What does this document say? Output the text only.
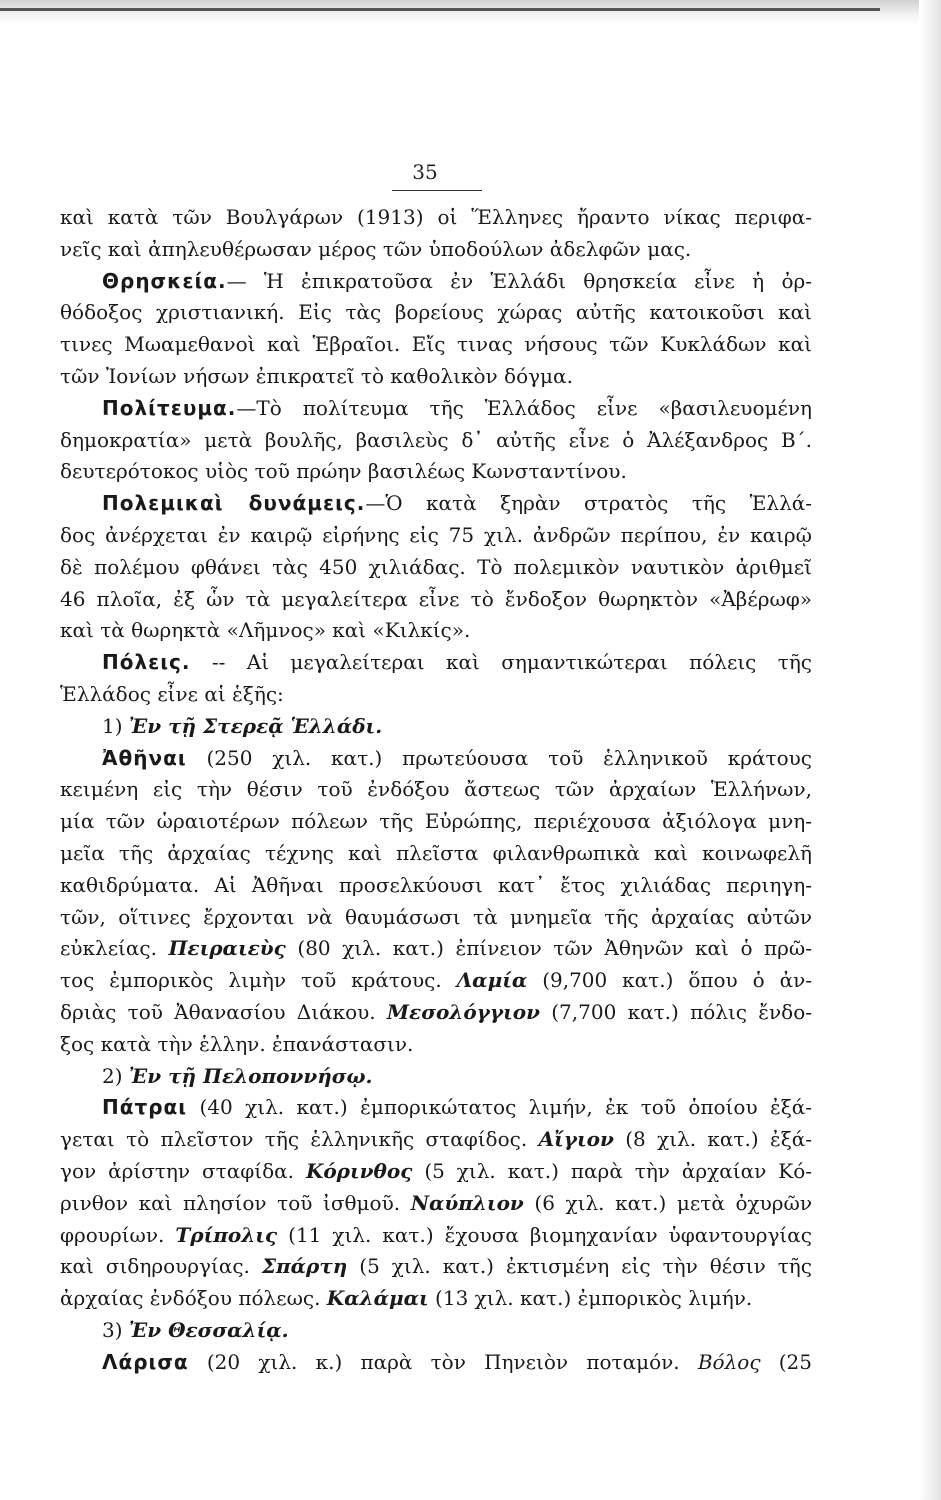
35
καὶ κατὰ τῶν Βουλγάρων (1913) οἱ Ἕλληνες ἤραντο νίκας περιφα-
νεῖς καὶ ἀπηλευθέρωσαν μέρος τῶν ὑποδούλων ἀδελφῶν μας.
Θρησκεία.— Ἡ ἐπικρατοῦσα ἐν Ἑλλάδι θρησκεία εἶνε ἡ ὀρ-
θόδοξος χριστιανική. Εἰς τὰς βορείους χώρας αὐτῆς κατοικοῦσι καὶ
τινες Μωαμεθανοὶ καὶ Ἑβραῖοι. Εἴς τινας νήσους τῶν Κυκλάδων καὶ
τῶν Ἰονίων νήσων ἐπικρατεῖ τὸ καθολικὸν δόγμα.
Πολίτευμα.—Τὸ πολίτευμα τῆς Ἑλλάδος εἶνε «βασιλευομένη
δημοκρατία» μετὰ βουλῆς, βασιλεὺς δ᾽ αὐτῆς εἶνε ὁ Ἀλέξανδρος Β΄.
δευτερότοκος υἱὸς τοῦ πρώην βασιλέως Κωνσταντίνου.
Πολεμικαὶ δυνάμεις.—Ὁ κατὰ ξηρὰν στρατὸς τῆς Ἑλλά-
δος ἀνέρχεται ἐν καιρῷ εἰρήνης εἰς 75 χιλ. ἀνδρῶν περίπου, ἐν καιρῷ
δὲ πολέμου φθάνει τὰς 450 χιλιάδας. Τὸ πολεμικὸν ναυτικὸν ἀριθμεῖ
46 πλοῖα, ἐξ ὧν τὰ μεγαλείτερα εἶνε τὸ ἔνδοξον θωρηκτὸν «Ἀβέρωφ»
καὶ τὰ θωρηκτὰ «Λῆμνος» καὶ «Κιλκίς».
Πόλεις. -- Αἱ μεγαλείτεραι καὶ σημαντικώτεραι πόλεις τῆς
Ἑλλάδος εἶνε αἱ ἑξῆς:
1) Ἐν τῇ Στερεᾷ Ἑλλάδι.
Ἀθῆναι (250 χιλ. κατ.) πρωτεύουσα τοῦ ἑλληνικοῦ κράτους
κειμένη εἰς τὴν θέσιν τοῦ ἐνδόξου ἄστεως τῶν ἀρχαίων Ἑλλήνων,
μία τῶν ὡραιοτέρων πόλεων τῆς Εὐρώπης, περιέχουσα ἀξιόλογα μνη-
μεῖα τῆς ἀρχαίας τέχνης καὶ πλεῖστα φιλανθρωπικὰ καὶ κοινωφελῆ
καθιδρύματα. Αἱ Ἀθῆναι προσελκύουσι κατ᾽ ἔτος χιλιάδας περιηγη-
τῶν, οἵτινες ἔρχονται νὰ θαυμάσωσι τὰ μνημεῖα τῆς ἀρχαίας αὐτῶν
εὐκλείας. Πειραιεὺς (80 χιλ. κατ.) ἐπίνειον τῶν Ἀθηνῶν καὶ ὁ πρῶ-
τος ἐμπορικὸς λιμὴν τοῦ κράτους. Λαμία (9,700 κατ.) ὅπου ὁ ἀν-
δριὰς τοῦ Ἀθανασίου Διάκου. Μεσολόγγιον (7,700 κατ.) πόλις ἔνδο-
ξος κατὰ τὴν ἑλλην. ἐπανάστασιν.
2) Ἐν τῇ Πελοποννήσῳ.
Πάτραι (40 χιλ. κατ.) ἐμπορικώτατος λιμήν, ἐκ τοῦ ὁποίου ἐξά-
γεται τὸ πλεῖστον τῆς ἑλληνικῆς σταφίδος. Αἴγιον (8 χιλ. κατ.) ἐξά-
γον ἀρίστην σταφίδα. Κόρινθος (5 χιλ. κατ.) παρὰ τὴν ἀρχαίαν Κό-
ρινθον καὶ πλησίον τοῦ ἰσθμοῦ. Ναύπλιον (6 χιλ. κατ.) μετὰ ὀχυρῶν
φρουρίων. Τρίπολις (11 χιλ. κατ.) ἔχουσα βιομηχανίαν ὑφαντουργίας
καὶ σιδηρουργίας. Σπάρτη (5 χιλ. κατ.) ἐκτισμένη εἰς τὴν θέσιν τῆς
ἀρχαίας ἐνδόξου πόλεως. Καλάμαι (13 χιλ. κατ.) ἐμπορικὸς λιμήν.
3) Ἐν Θεσσαλίᾳ.
Λάρισα (20 χιλ. κ.) παρὰ τὸν Πηνειὸν ποταμόν. Βόλος (25
